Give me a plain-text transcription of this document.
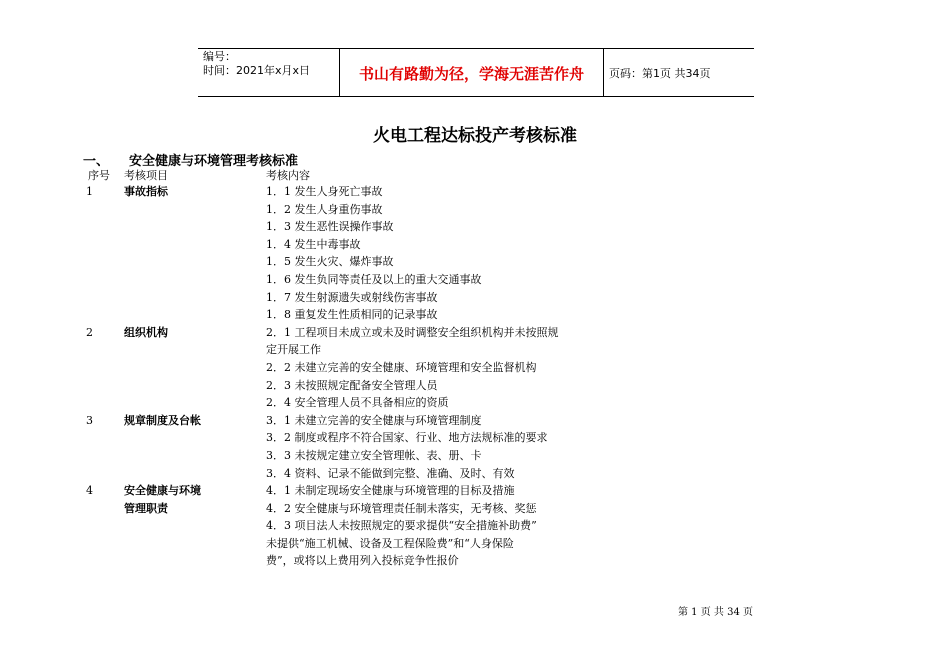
编号：
时间：2021年x月x日	书山有路勤为径，学海无涯苦作舟	页码：第1页 共34页
火电工程达标投产考核标准
一、 安全健康与环境管理考核标准
序号 考核项目	考核内容
1	事故指标	1．1 发生人身死亡事故
1．2 发生人身重伤事故
1．3 发生恶性误操作事故
1．4 发生中毒事故
1．5 发生火灾、爆炸事故
1．6 发生负同等责任及以上的重大交通事故
1．7 发生射源遗失或射线伤害事故
1．8 重复发生性质相同的记录事故
2	组织机构	2．1 工程项目未成立或未及时调整安全组织机构并未按照规
定开展工作
2．2 未建立完善的安全健康、环境管理和安全监督机构
2．3 未按照规定配备安全管理人员
2．4 安全管理人员不具备相应的资质
3	规章制度及台帐	3．1 未建立完善的安全健康与环境管理制度
3．2 制度或程序不符合国家、行业、地方法规标准的要求
3．3 未按规定建立安全管理帐、表、册、卡
3．4 资料、记录不能做到完整、准确、及时、有效
4	安全健康与环境
管理职责
4．1 未制定现场安全健康与环境管理的目标及措施
4．2 安全健康与环境管理责任制未落实，无考核、奖惩
4．3 项目法人未按照规定的要求提供“安全措施补助费”
未提供“施工机械、设备及工程保险费”和“人身保险
费”，或将以上费用列入投标竞争性报价
第 1 页 共 34 页
